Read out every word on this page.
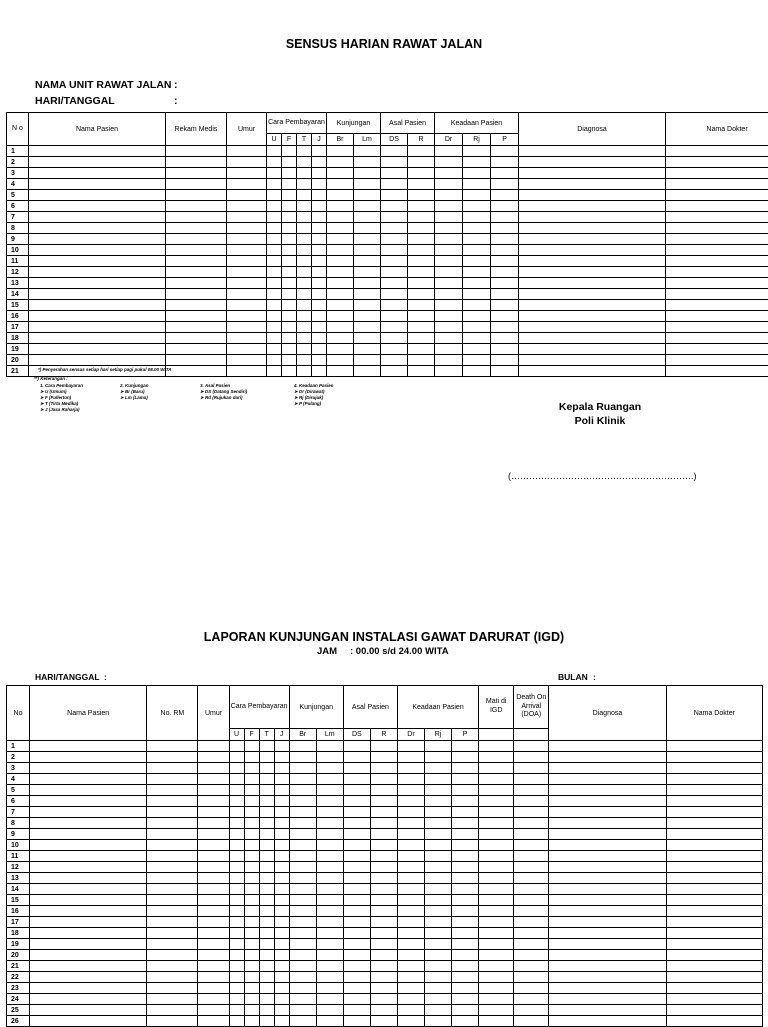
SENSUS HARIAN RAWAT JALAN
NAMA UNIT RAWAT JALAN :
HARI/TANGGAL	:
N o	Nama Pasien	Rekam Medis	Umur	Cara Pembayaran				Kunjungan		Asal Pasien		Keadaan Pasien			Diagnosa	Nama Dokter
				U	F	T	J	Br	Lm	DS	R	Dr	Rj	P		
1																
2																
3																
4																
5																
6																
7																
8																
9																
10																
11																
12																
13																
14																
15																
16																
17																
18																
19																
20																
21																	*) Penyerahan sensus setiap hari setiap pagi pukul 08.00 WITA
**) Keterangan :
1. Cara Pembayaran
➤ U (Umum)
➤ F (Fullerton)
➤ T (Tirta Medika)
➤ J (Jasa Raharja)
2. Kunjungan
➤ Br (Baru)
➤ Lm (Lama)
3. Asal Pasien
➤ DS (Datang Sendiri)
➤ Rd (Rujukan dari)
4. Keadaan Pasien
➤ Dr (Dirawat)
➤ Rj (Dirujuk)
➤ P (Pulang)	Kepala Ruangan
Poli Klinik
(…………………………………………………….)
LAPORAN KUNJUNGAN INSTALASI GAWAT DARURAT (IGD)
JAM : 00.00 s/d 24.00 WITA
HARI/TANGGAL :	BULAN :
No	Nama Pasien	No. RM	Umur	Cara Pembayaran				Kunjungan		Asal Pasien		Keadaan Pasien			Mati di IGD	Death On Arrival (DOA)	Diagnosa	Nama Dokter
				U	F	T	J	Br	Lm	DS	R	Dr	Rj	P				
1																		
2																		
3																		
4																		
5																		
6																		
7																		
8																		
9																		
10																		
11																		
12																		
13																		
14																		
15																		
16																		
17																		
18																		
19																		
20																		
21																		
22																		
23																		
24																		
25																		
26																		
